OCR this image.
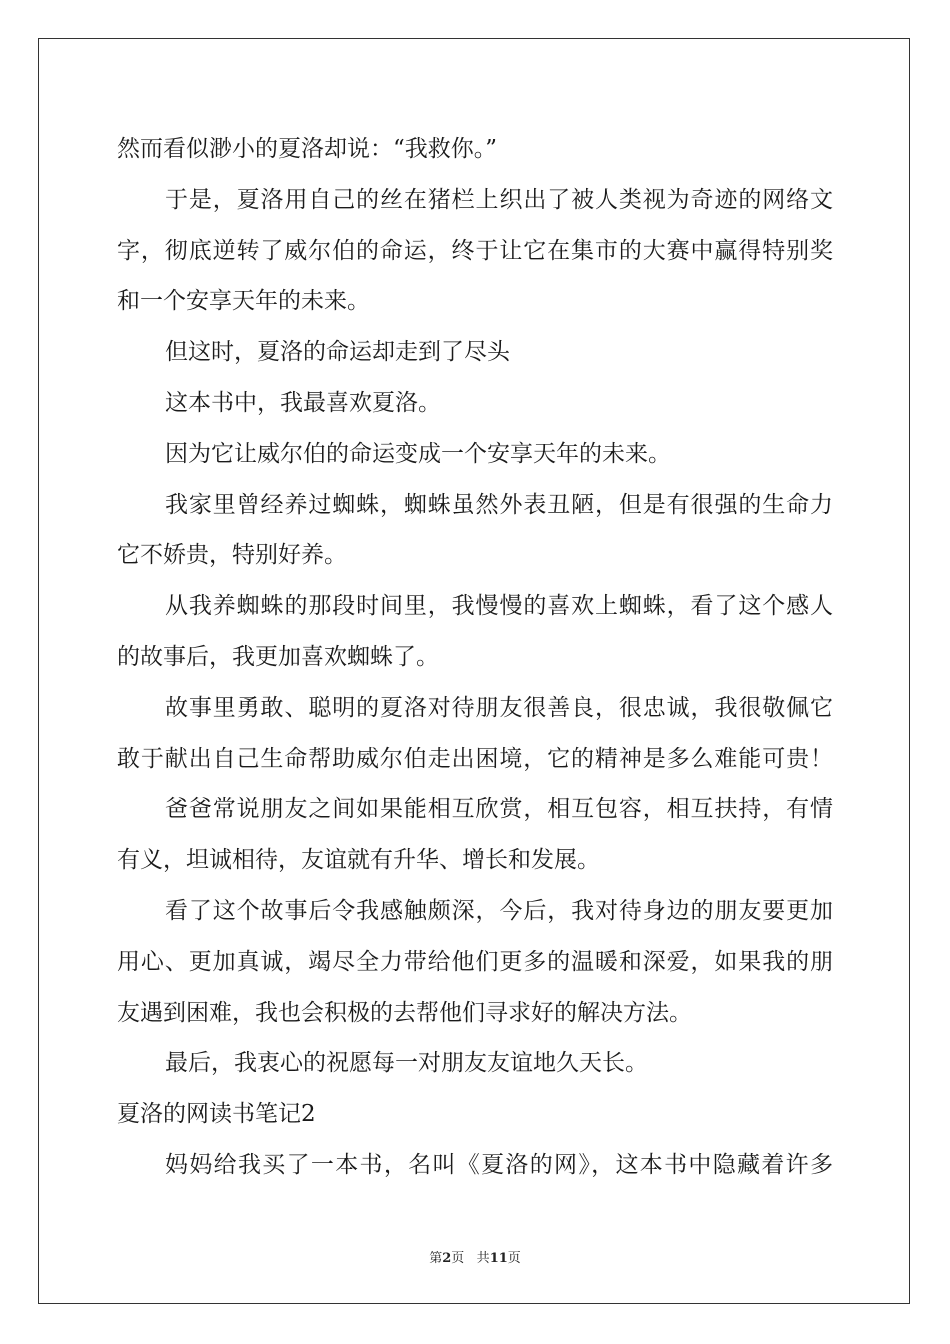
然而看似渺小的夏洛却说：“我救你。”
于是，夏洛用自己的丝在猪栏上织出了被人类视为奇迹的网络文
字，彻底逆转了威尔伯的命运，终于让它在集市的大赛中赢得特别奖
和一个安享天年的未来。
但这时，夏洛的命运却走到了尽头
这本书中，我最喜欢夏洛。
因为它让威尔伯的命运变成一个安享天年的未来。
我家里曾经养过蜘蛛，蜘蛛虽然外表丑陋，但是有很强的生命力
它不娇贵，特别好养。
从我养蜘蛛的那段时间里，我慢慢的喜欢上蜘蛛，看了这个感人
的故事后，我更加喜欢蜘蛛了。
故事里勇敢、聪明的夏洛对待朋友很善良，很忠诚，我很敬佩它
敢于献出自己生命帮助威尔伯走出困境，它的精神是多么难能可贵！
爸爸常说朋友之间如果能相互欣赏，相互包容，相互扶持，有情
有义，坦诚相待，友谊就有升华、增长和发展。
看了这个故事后令我感触颇深，今后，我对待身边的朋友要更加
用心、更加真诚，竭尽全力带给他们更多的温暖和深爱，如果我的朋
友遇到困难，我也会积极的去帮他们寻求好的解决方法。
最后，我衷心的祝愿每一对朋友友谊地久天长。
夏洛的网读书笔记2
妈妈给我买了一本书，名叫《夏洛的网》，这本书中隐藏着许多
第2页 共11页
